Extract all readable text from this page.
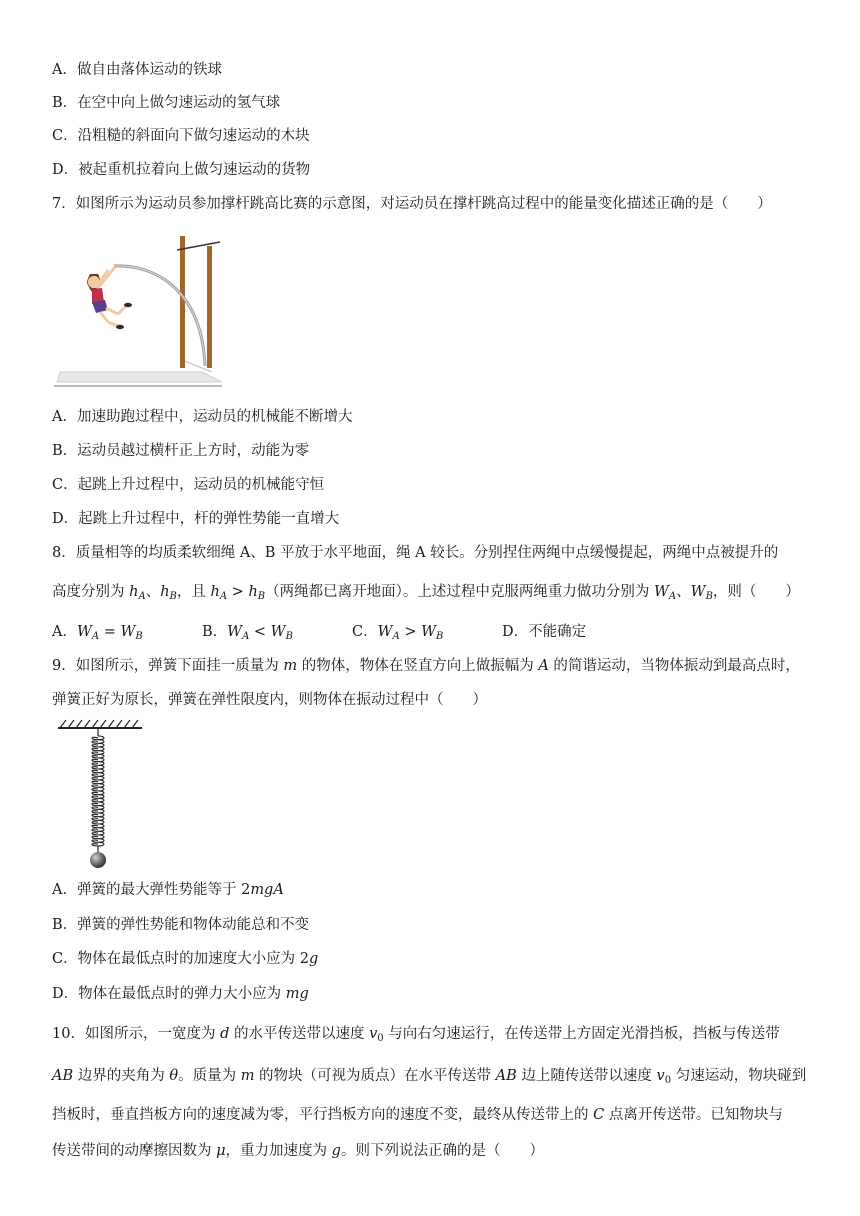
A．做自由落体运动的铁球
B．在空中向上做匀速运动的氢气球
C．沿粗糙的斜面向下做匀速运动的木块
D．被起重机拉着向上做匀速运动的货物
7．如图所示为运动员参加撑杆跳高比赛的示意图，对运动员在撑杆跳高过程中的能量变化描述正确的是（　　）
A．加速助跑过程中，运动员的机械能不断增大
B．运动员越过横杆正上方时，动能为零
C．起跳上升过程中，运动员的机械能守恒
D．起跳上升过程中，杆的弹性势能一直增大
8．质量相等的均质柔软细绳 A、B 平放于水平地面，绳 A 较长。分别捏住两绳中点缓慢提起，两绳中点被提升的
高度分别为 $h_A$、$h_B$，且 $h_A > h_B$（两绳都已离开地面）。上述过程中克服两绳重力做功分别为 $W_A$、$W_B$，则（　　）
A．$W_A = W_B$	B．$W_A < W_B$	C．$W_A > W_B$	D．不能确定
9．如图所示，弹簧下面挂一质量为 m 的物体，物体在竖直方向上做振幅为 A 的简谐运动，当物体振动到最高点时，
弹簧正好为原长，弹簧在弹性限度内，则物体在振动过程中（　　）
A．弹簧的最大弹性势能等于 2mgA
B．弹簧的弹性势能和物体动能总和不变
C．物体在最低点时的加速度大小应为 2g
D．物体在最低点时的弹力大小应为 mg
10．如图所示，一宽度为 d 的水平传送带以速度 $v_0$ 与向右匀速运行，在传送带上方固定光滑挡板，挡板与传送带
AB 边界的夹角为 θ。质量为 m 的物块（可视为质点）在水平传送带 AB 边上随传送带以速度 $v_0$ 匀速运动，物块碰到
挡板时，垂直挡板方向的速度减为零，平行挡板方向的速度不变，最终从传送带上的 C 点离开传送带。已知物块与
传送带间的动摩擦因数为 μ，重力加速度为 g。则下列说法正确的是（　　）
